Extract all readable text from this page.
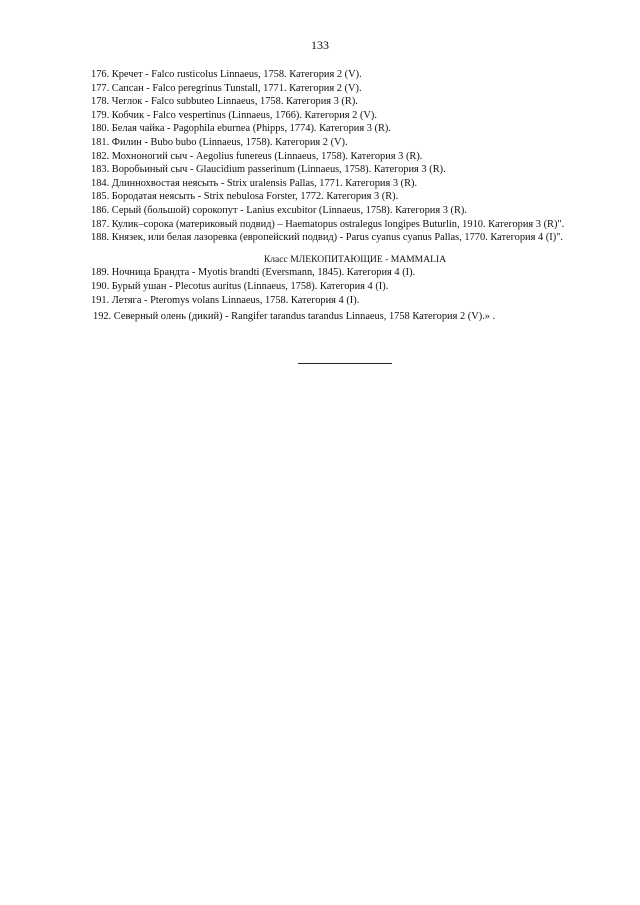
133

176. Кречет - Falco rusticolus Linnaeus, 1758. Категория 2 (V).

177. Сапсан - Falco peregrinus Tunstall, 1771. Категория 2 (V).

178. Чеглок - Falco subbuteo Linnaeus, 1758. Категория 3 (R).

179. Кобчик - Falco vespertinus (Linnaeus, 1766). Категория 2 (V).

180. Белая чайка - Pagophila eburnea (Phipps, 1774). Категория 3 (R).

181. Филин - Bubo bubo (Linnaeus, 1758). Категория 2 (V).

182. Мохноногий сыч - Aegolius funereus (Linnaeus, 1758). Категория 3 (R).

183. Воробьиный сыч - Glaucidium passerinum (Linnaeus, 1758). Категория 3 (R).

184. Длиннохвостая неясыть - Strix uralensis Pallas, 1771. Категория 3 (R).

185. Бородатая неясыть - Strix nebulosa Forster, 1772. Категория 3 (R).

186. Серый (большой) сорокопут - Lanius excubitor (Linnaeus, 1758). Категория 3 (R).

187. Кулик–сорока (материковый подвид) – Haematopus ostralegus longipes Buturlin, 1910. Категория 3 (R)".

188. Князек, или белая лазоревка (европейский подвид) - Parus cyanus cyanus Pallas, 1770. Категория 4 (I)".

Класс МЛЕКОПИТАЮЩИЕ - MAMMALIA

189. Ночница Брандта - Myotis brandti (Eversmann, 1845). Категория 4 (I).

190. Бурый ушан - Plecotus auritus (Linnaeus, 1758). Категория 4 (I).

191. Летяга - Pteromys volans Linnaeus, 1758. Категория 4 (I).

192. Северный олень (дикий) - Rangifer tarandus tarandus Linnaeus, 1758 Категория 2 (V).» .
